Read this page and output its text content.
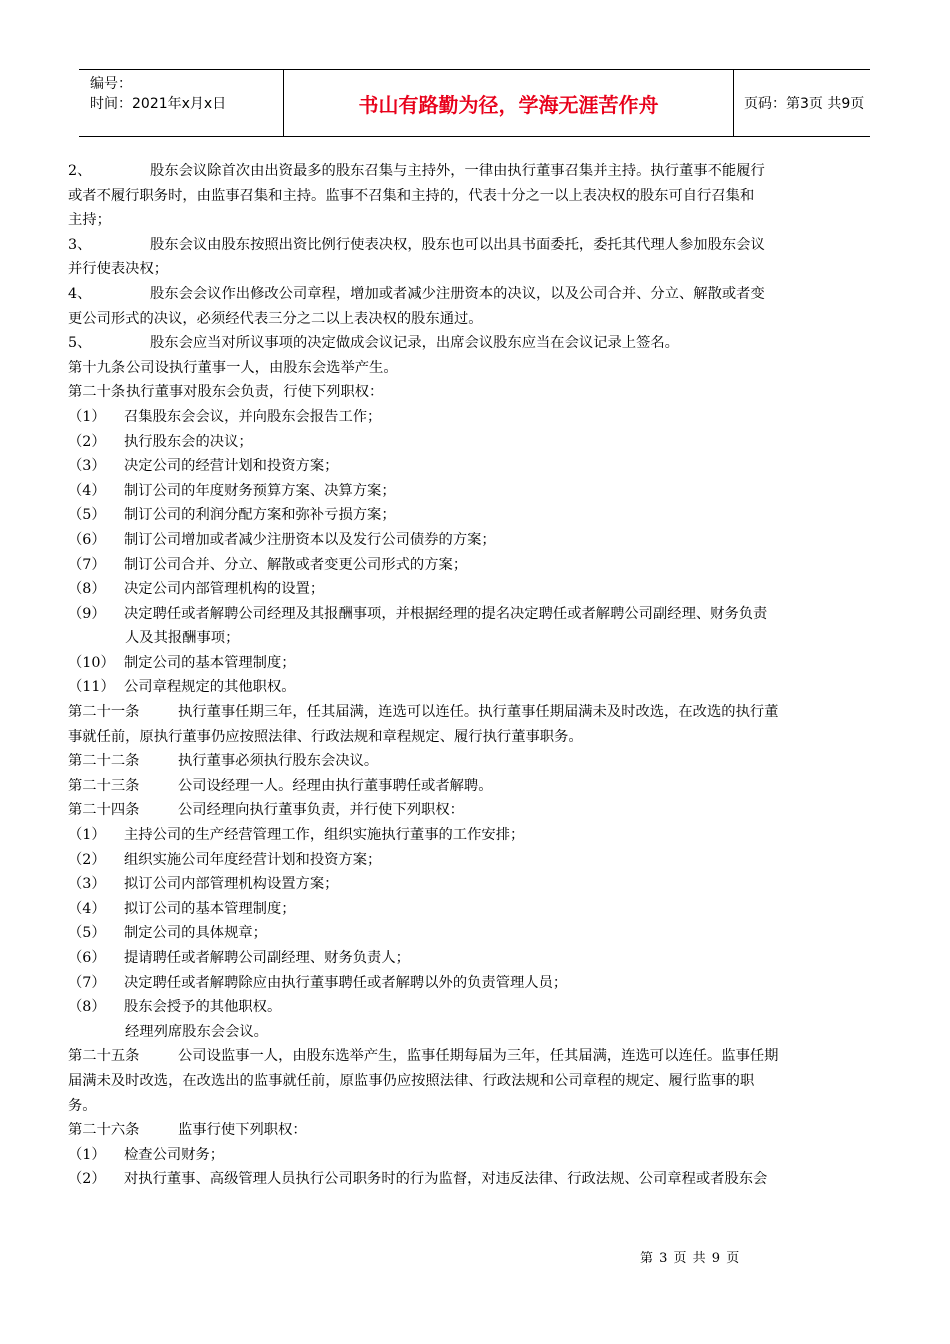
编号：
时间：2021年x月x日	书山有路勤为径，学海无涯苦作舟	页码：第3页 共9页
2、	股东会议除首次由出资最多的股东召集与主持外，一律由执行董事召集并主持。执行董事不能履行
或者不履行职务时，由监事召集和主持。监事不召集和主持的，代表十分之一以上表决权的股东可自行召集和
主持；
3、	股东会议由股东按照出资比例行使表决权，股东也可以出具书面委托，委托其代理人参加股东会议
并行使表决权；
4、	股东会会议作出修改公司章程，增加或者减少注册资本的决议，以及公司合并、分立、解散或者变
更公司形式的决议，必须经代表三分之二以上表决权的股东通过。
5、	股东会应当对所议事项的决定做成会议记录，出席会议股东应当在会议记录上签名。
第十九条公司设执行董事一人，由股东会选举产生。
第二十条执行董事对股东会负责，行使下列职权：
（1） 召集股东会会议，并向股东会报告工作；
（2） 执行股东会的决议；
（3） 决定公司的经营计划和投资方案；
（4） 制订公司的年度财务预算方案、决算方案；
（5） 制订公司的利润分配方案和弥补亏损方案；
（6） 制订公司增加或者减少注册资本以及发行公司债券的方案；
（7） 制订公司合并、分立、解散或者变更公司形式的方案；
（8） 决定公司内部管理机构的设置；
（9） 决定聘任或者解聘公司经理及其报酬事项，并根据经理的提名决定聘任或者解聘公司副经理、财务负责
人及其报酬事项；
（10） 制定公司的基本管理制度；
（11） 公司章程规定的其他职权。
第二十一条	执行董事任期三年，任其届满，连选可以连任。执行董事任期届满未及时改选，在改选的执行董
事就任前，原执行董事仍应按照法律、行政法规和章程规定、履行执行董事职务。
第二十二条	执行董事必须执行股东会决议。
第二十三条	公司设经理一人。经理由执行董事聘任或者解聘。
第二十四条	公司经理向执行董事负责，并行使下列职权：
（1） 主持公司的生产经营管理工作，组织实施执行董事的工作安排；
（2） 组织实施公司年度经营计划和投资方案；
（3） 拟订公司内部管理机构设置方案；
（4） 拟订公司的基本管理制度；
（5） 制定公司的具体规章；
（6） 提请聘任或者解聘公司副经理、财务负责人；
（7） 决定聘任或者解聘除应由执行董事聘任或者解聘以外的负责管理人员；
（8） 股东会授予的其他职权。
经理列席股东会会议。
第二十五条	公司设监事一人，由股东选举产生，监事任期每届为三年，任其届满，连选可以连任。监事任期
届满未及时改选，在改选出的监事就任前，原监事仍应按照法律、行政法规和公司章程的规定、履行监事的职
务。
第二十六条	监事行使下列职权：
（1） 检查公司财务；
（2） 对执行董事、高级管理人员执行公司职务时的行为监督，对违反法律、行政法规、公司章程或者股东会
第 3 页 共 9 页
